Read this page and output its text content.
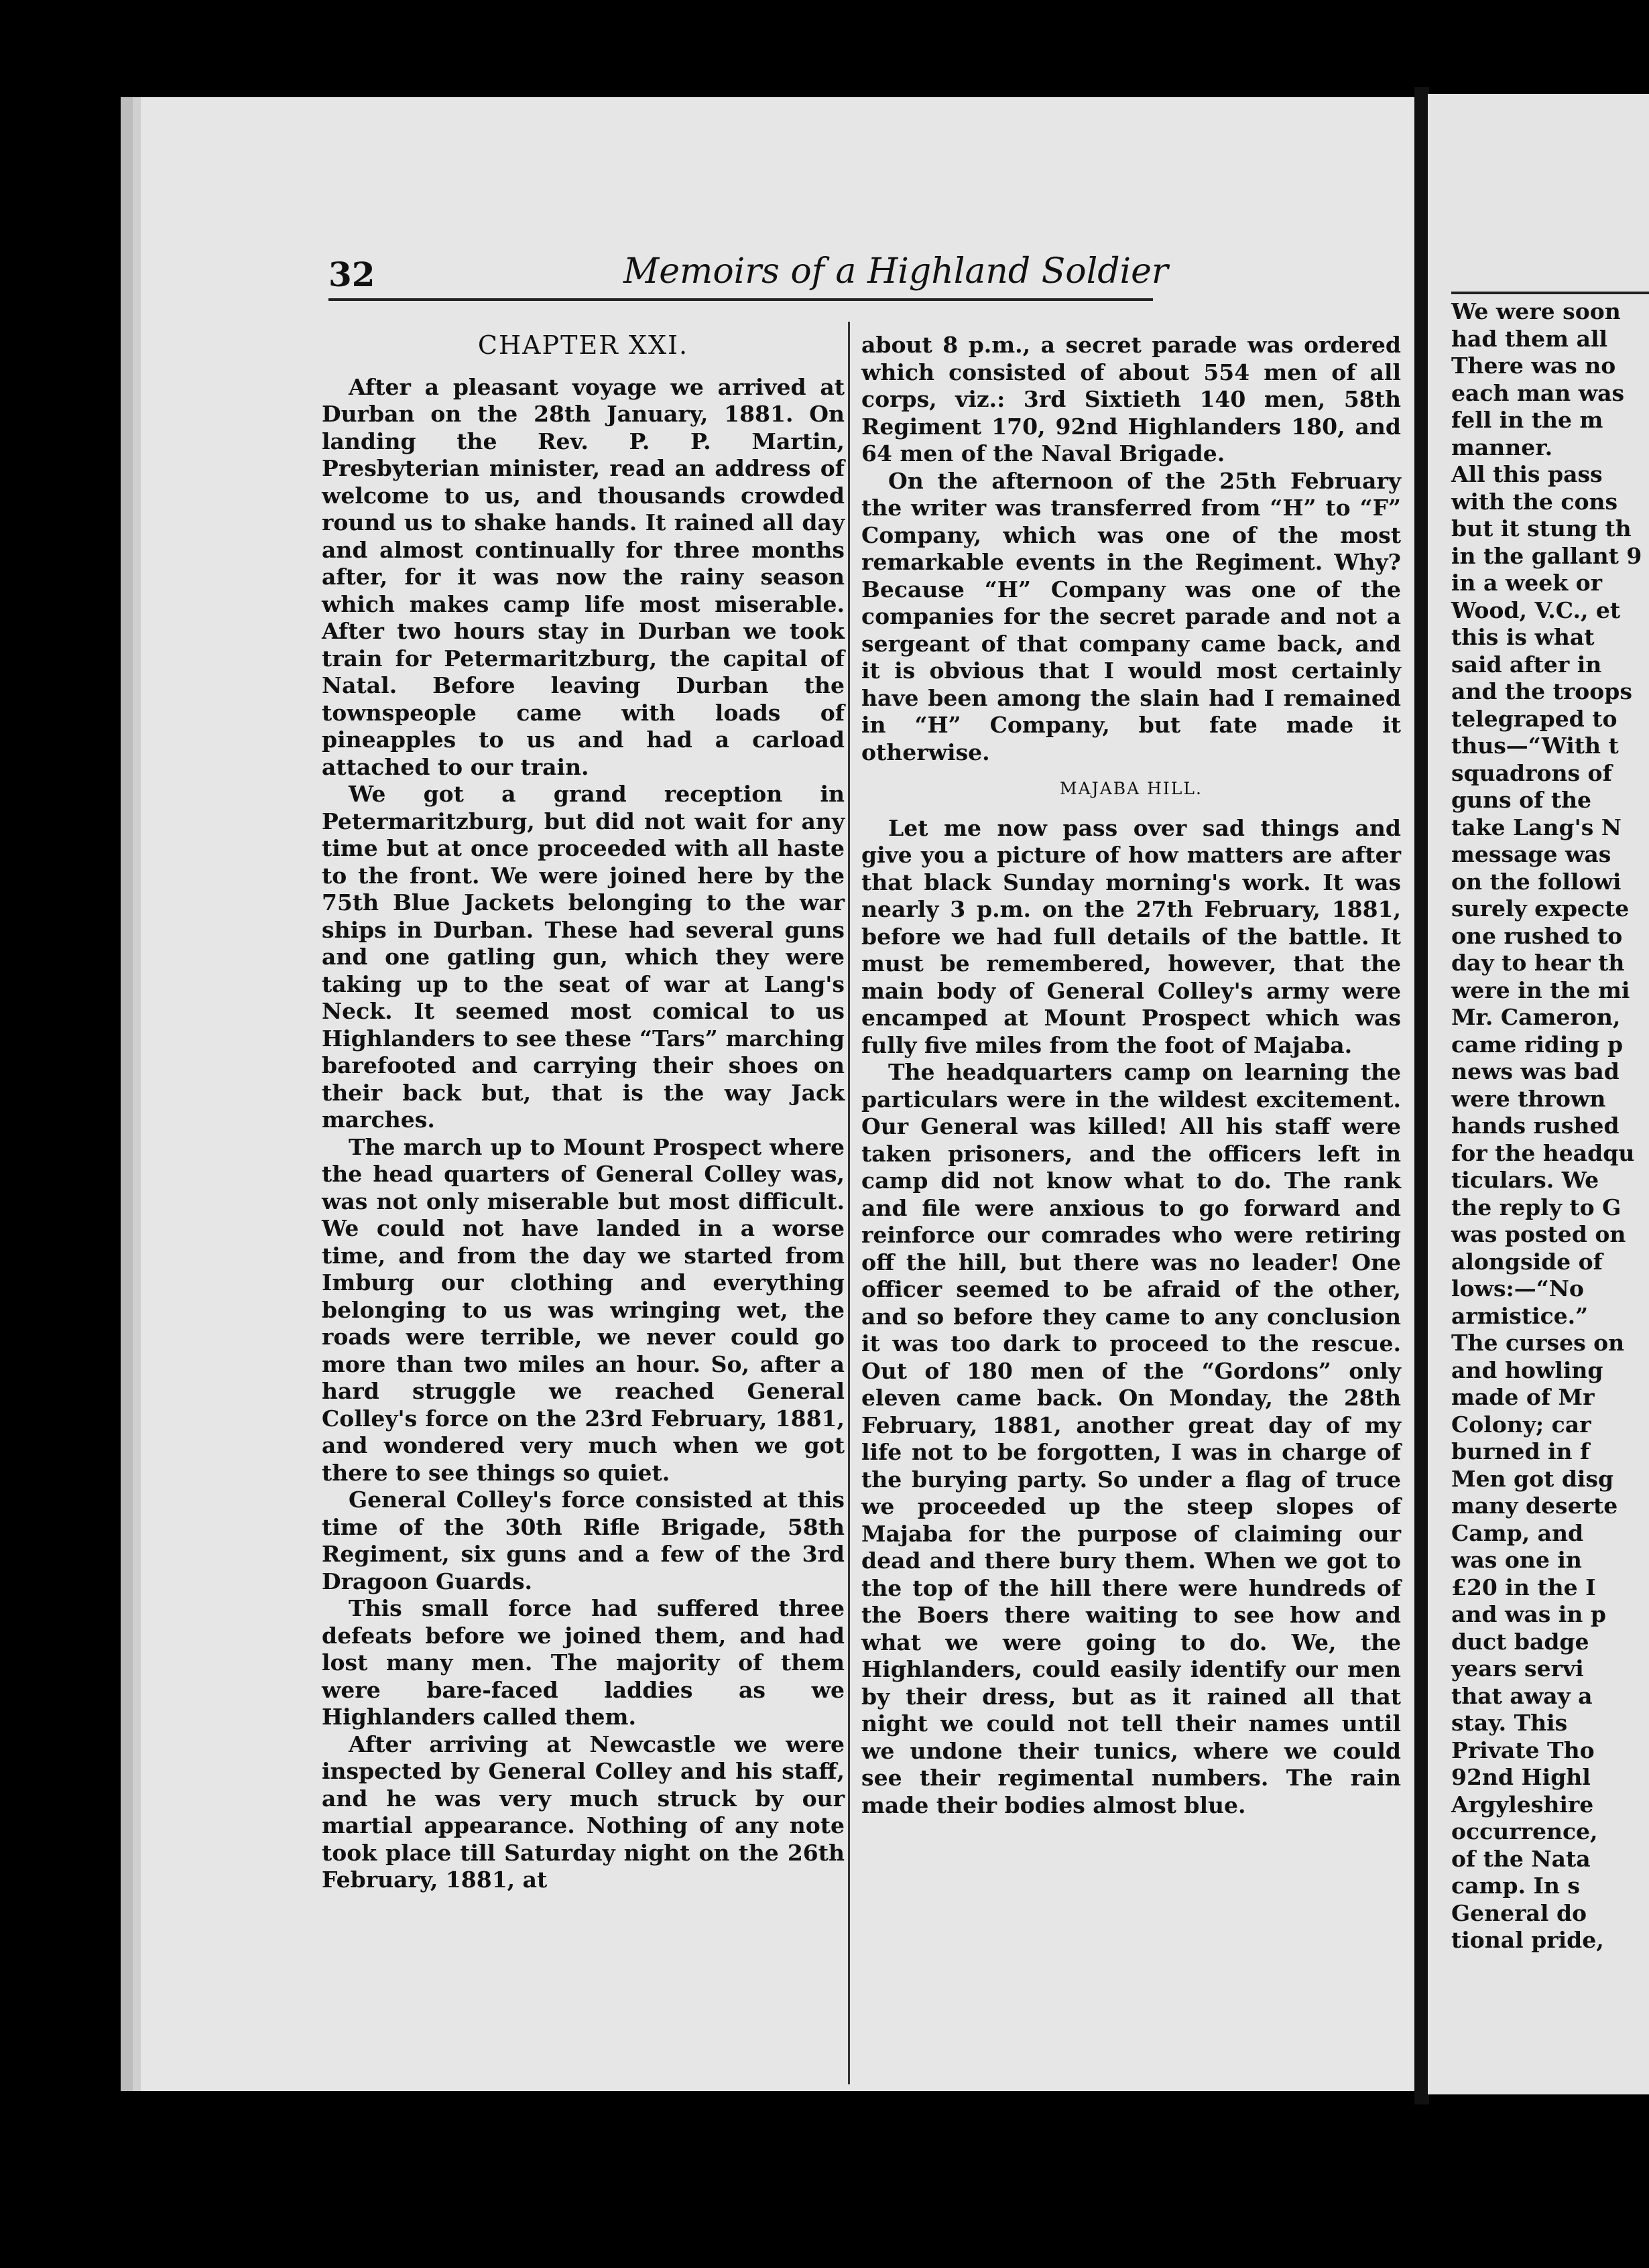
32	Memoirs of a Highland Soldier
CHAPTER XXI.

After a pleasant voyage we arrived at Durban on the 28th January, 1881. On landing the Rev. P. P. Martin, Presbyterian minister, read an address of welcome to us, and thousands crowded round us to shake hands. It rained all day and almost continually for three months after, for it was now the rainy season which makes camp life most miserable. After two hours stay in Durban we took train for Petermaritzburg, the capital of Natal. Before leaving Durban the townspeople came with loads of pineapples to us and had a carload attached to our train.

We got a grand reception in Petermaritzburg, but did not wait for any time but at once proceeded with all haste to the front. We were joined here by the 75th Blue Jackets belonging to the war ships in Durban. These had several guns and one gatling gun, which they were taking up to the seat of war at Lang's Neck. It seemed most comical to us Highlanders to see these “Tars” marching barefooted and carrying their shoes on their back but, that is the way Jack marches.

The march up to Mount Prospect where the head quarters of General Colley was, was not only miserable but most difficult. We could not have landed in a worse time, and from the day we started from Imburg our clothing and everything belonging to us was wringing wet, the roads were terrible, we never could go more than two miles an hour. So, after a hard struggle we reached General Colley's force on the 23rd February, 1881, and wondered very much when we got there to see things so quiet.

General Colley's force consisted at this time of the 30th Rifle Brigade, 58th Regiment, six guns and a few of the 3rd Dragoon Guards.

This small force had suffered three defeats before we joined them, and had lost many men. The majority of them were bare-faced laddies as we Highlanders called them.

After arriving at Newcastle we were inspected by General Colley and his staff, and he was very much struck by our martial appearance. Nothing of any note took place till Saturday night on the 26th February, 1881, at

about 8 p.m., a secret parade was ordered which consisted of about 554 men of all corps, viz.: 3rd Sixtieth 140 men, 58th Regiment 170, 92nd Highlanders 180, and 64 men of the Naval Brigade.

On the afternoon of the 25th February the writer was transferred from “H” to “F” Company, which was one of the most remarkable events in the Regiment. Why? Because “H” Company was one of the companies for the secret parade and not a sergeant of that company came back, and it is obvious that I would most certainly have been among the slain had I remained in “H” Company, but fate made it otherwise.

MAJABA HILL.

Let me now pass over sad things and give you a picture of how matters are after that black Sunday morning's work. It was nearly 3 p.m. on the 27th February, 1881, before we had full details of the battle. It must be remembered, however, that the main body of General Colley's army were encamped at Mount Prospect which was fully five miles from the foot of Majaba.

The headquarters camp on learning the particulars were in the wildest excitement. Our General was killed! All his staff were taken prisoners, and the officers left in camp did not know what to do. The rank and file were anxious to go forward and reinforce our comrades who were retiring off the hill, but there was no leader! One officer seemed to be afraid of the other, and so before they came to any conclusion it was too dark to proceed to the rescue. Out of 180 men of the “Gordons” only eleven came back. On Monday, the 28th February, 1881, another great day of my life not to be forgotten, I was in charge of the burying party. So under a flag of truce we proceeded up the steep slopes of Majaba for the purpose of claiming our dead and there bury them. When we got to the top of the hill there were hundreds of the Boers there waiting to see how and what we were going to do. We, the Highlanders, could easily identify our men by their dress, but as it rained all that night we could not tell their names until we undone their tunics, where we could see their regimental numbers. The rain made their bodies almost blue.

We were soon
had them all
There was no
each man was
fell in the m
manner.
All this pass
with the cons
but it stung th
in the gallant 9
in a week or
Wood, V.C., et
this is what
said after in
and the troops
telegraped to
thus—“With t
squadrons of
guns of the
take Lang's N
message was
on the followi
surely expecte
one rushed to
day to hear th
were in the mi
Mr. Cameron,
came riding p
news was bad
were thrown
hands rushed
for the headqu
ticulars. We
the reply to G
was posted on
alongside of
lows:—“No
armistice.”
The curses on
and howling
made of Mr
Colony; car
burned in f
Men got disg
many deserte
Camp, and
was one in
£20 in the I
and was in p
duct badge
years servi
that away a
stay. This
Private Tho
92nd Highl
Argyleshire
occurrence,
of the Nata
camp. In s
General do
tional pride,
